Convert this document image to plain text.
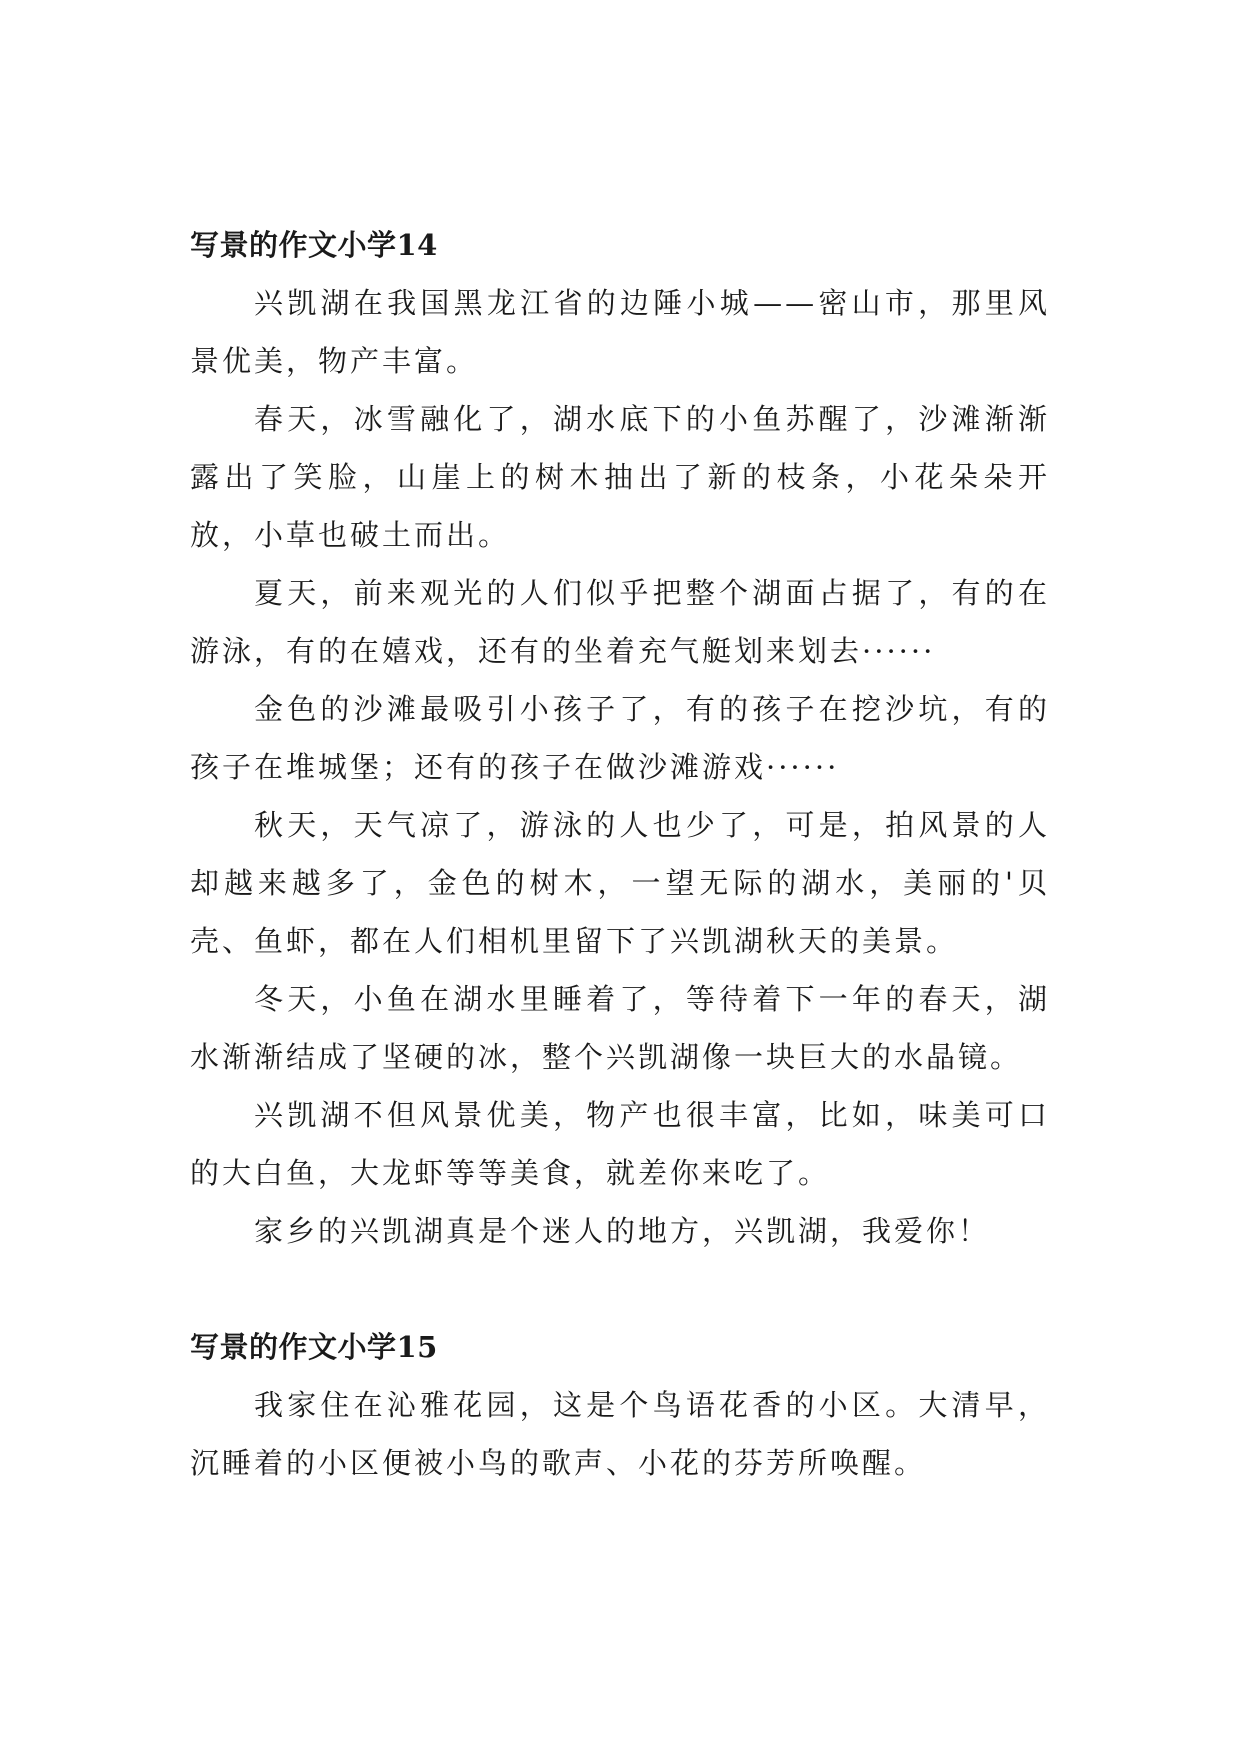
写景的作文小学14

兴凯湖在我国黑龙江省的边陲小城——密山市，那里风景优美，物产丰富。

春天，冰雪融化了，湖水底下的小鱼苏醒了，沙滩渐渐露出了笑脸，山崖上的树木抽出了新的枝条，小花朵朵开放，小草也破土而出。

夏天，前来观光的人们似乎把整个湖面占据了，有的在游泳，有的在嬉戏，还有的坐着充气艇划来划去······

金色的沙滩最吸引小孩子了，有的孩子在挖沙坑，有的孩子在堆城堡；还有的孩子在做沙滩游戏······

秋天，天气凉了，游泳的人也少了，可是，拍风景的人却越来越多了，金色的树木，一望无际的湖水，美丽的'贝壳、鱼虾，都在人们相机里留下了兴凯湖秋天的美景。

冬天，小鱼在湖水里睡着了，等待着下一年的春天，湖水渐渐结成了坚硬的冰，整个兴凯湖像一块巨大的水晶镜。

兴凯湖不但风景优美，物产也很丰富，比如，味美可口的大白鱼，大龙虾等等美食，就差你来吃了。

家乡的兴凯湖真是个迷人的地方，兴凯湖，我爱你！

写景的作文小学15

我家住在沁雅花园，这是个鸟语花香的小区。大清早，沉睡着的小区便被小鸟的歌声、小花的芬芳所唤醒。
